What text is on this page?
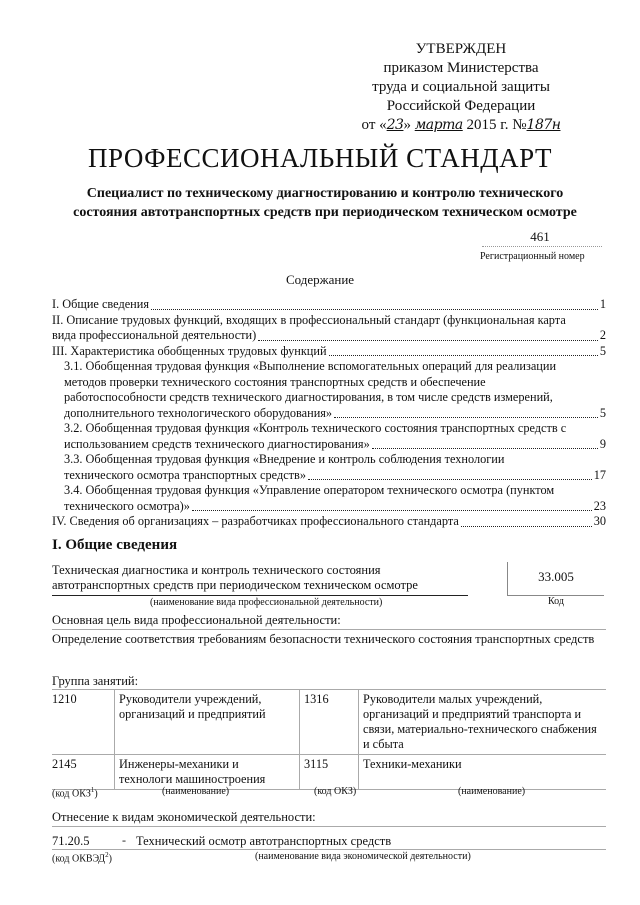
УТВЕРЖДЕН
приказом Министерства
труда и социальной защиты
Российской Федерации
от «23» марта 2015 г. №187н
ПРОФЕССИОНАЛЬНЫЙ СТАНДАРТ
Специалист по техническому диагностированию и контролю технического
состояния автотранспортных средств при периодическом техническом осмотре
461
Регистрационный номер
Содержание
I. Общие сведения	1
II. Описание трудовых функций, входящих в профессиональный стандарт (функциональная карта
вида профессиональной деятельности)	2
III. Характеристика обобщенных трудовых функций	5
3.1. Обобщенная трудовая функция «Выполнение вспомогательных операций для реализации
методов проверки технического состояния транспортных средств и обеспечение
работоспособности средств технического диагностирования, в том числе средств измерений,
дополнительного технологического оборудования»	5
3.2. Обобщенная трудовая функция «Контроль технического состояния транспортных средств с
использованием средств технического диагностирования»	9
3.3. Обобщенная трудовая функция «Внедрение и контроль соблюдения технологии
технического осмотра транспортных средств»	17
3.4. Обобщенная трудовая функция «Управление оператором технического осмотра (пунктом
технического осмотра)»	23
IV. Сведения об организациях – разработчиках профессионального стандарта	30
I. Общие сведения
Техническая диагностика и контроль технического состояния
автотранспортных средств при периодическом техническом осмотре
(наименование вида профессиональной деятельности)
33.005
Код
Основная цель вида профессиональной деятельности:
Определение соответствия требованиям безопасности технического состояния транспортных средств
Группа занятий:
1210	Руководители учреждений, организаций и предприятий	1316	Руководители малых учреждений, организаций и предприятий транспорта и связи, материально-технического снабжения и сбыта
2145	Инженеры-механики и технологи машиностроения	3115	Техники-механики
(код ОКЗ$^1$)	(наименование)	(код ОКЗ)	(наименование)
Отнесение к видам экономической деятельности:
71.20.5	- Технический осмотр автотранспортных средств
(код ОКВЭД$^2$)	(наименование вида экономической деятельности)
